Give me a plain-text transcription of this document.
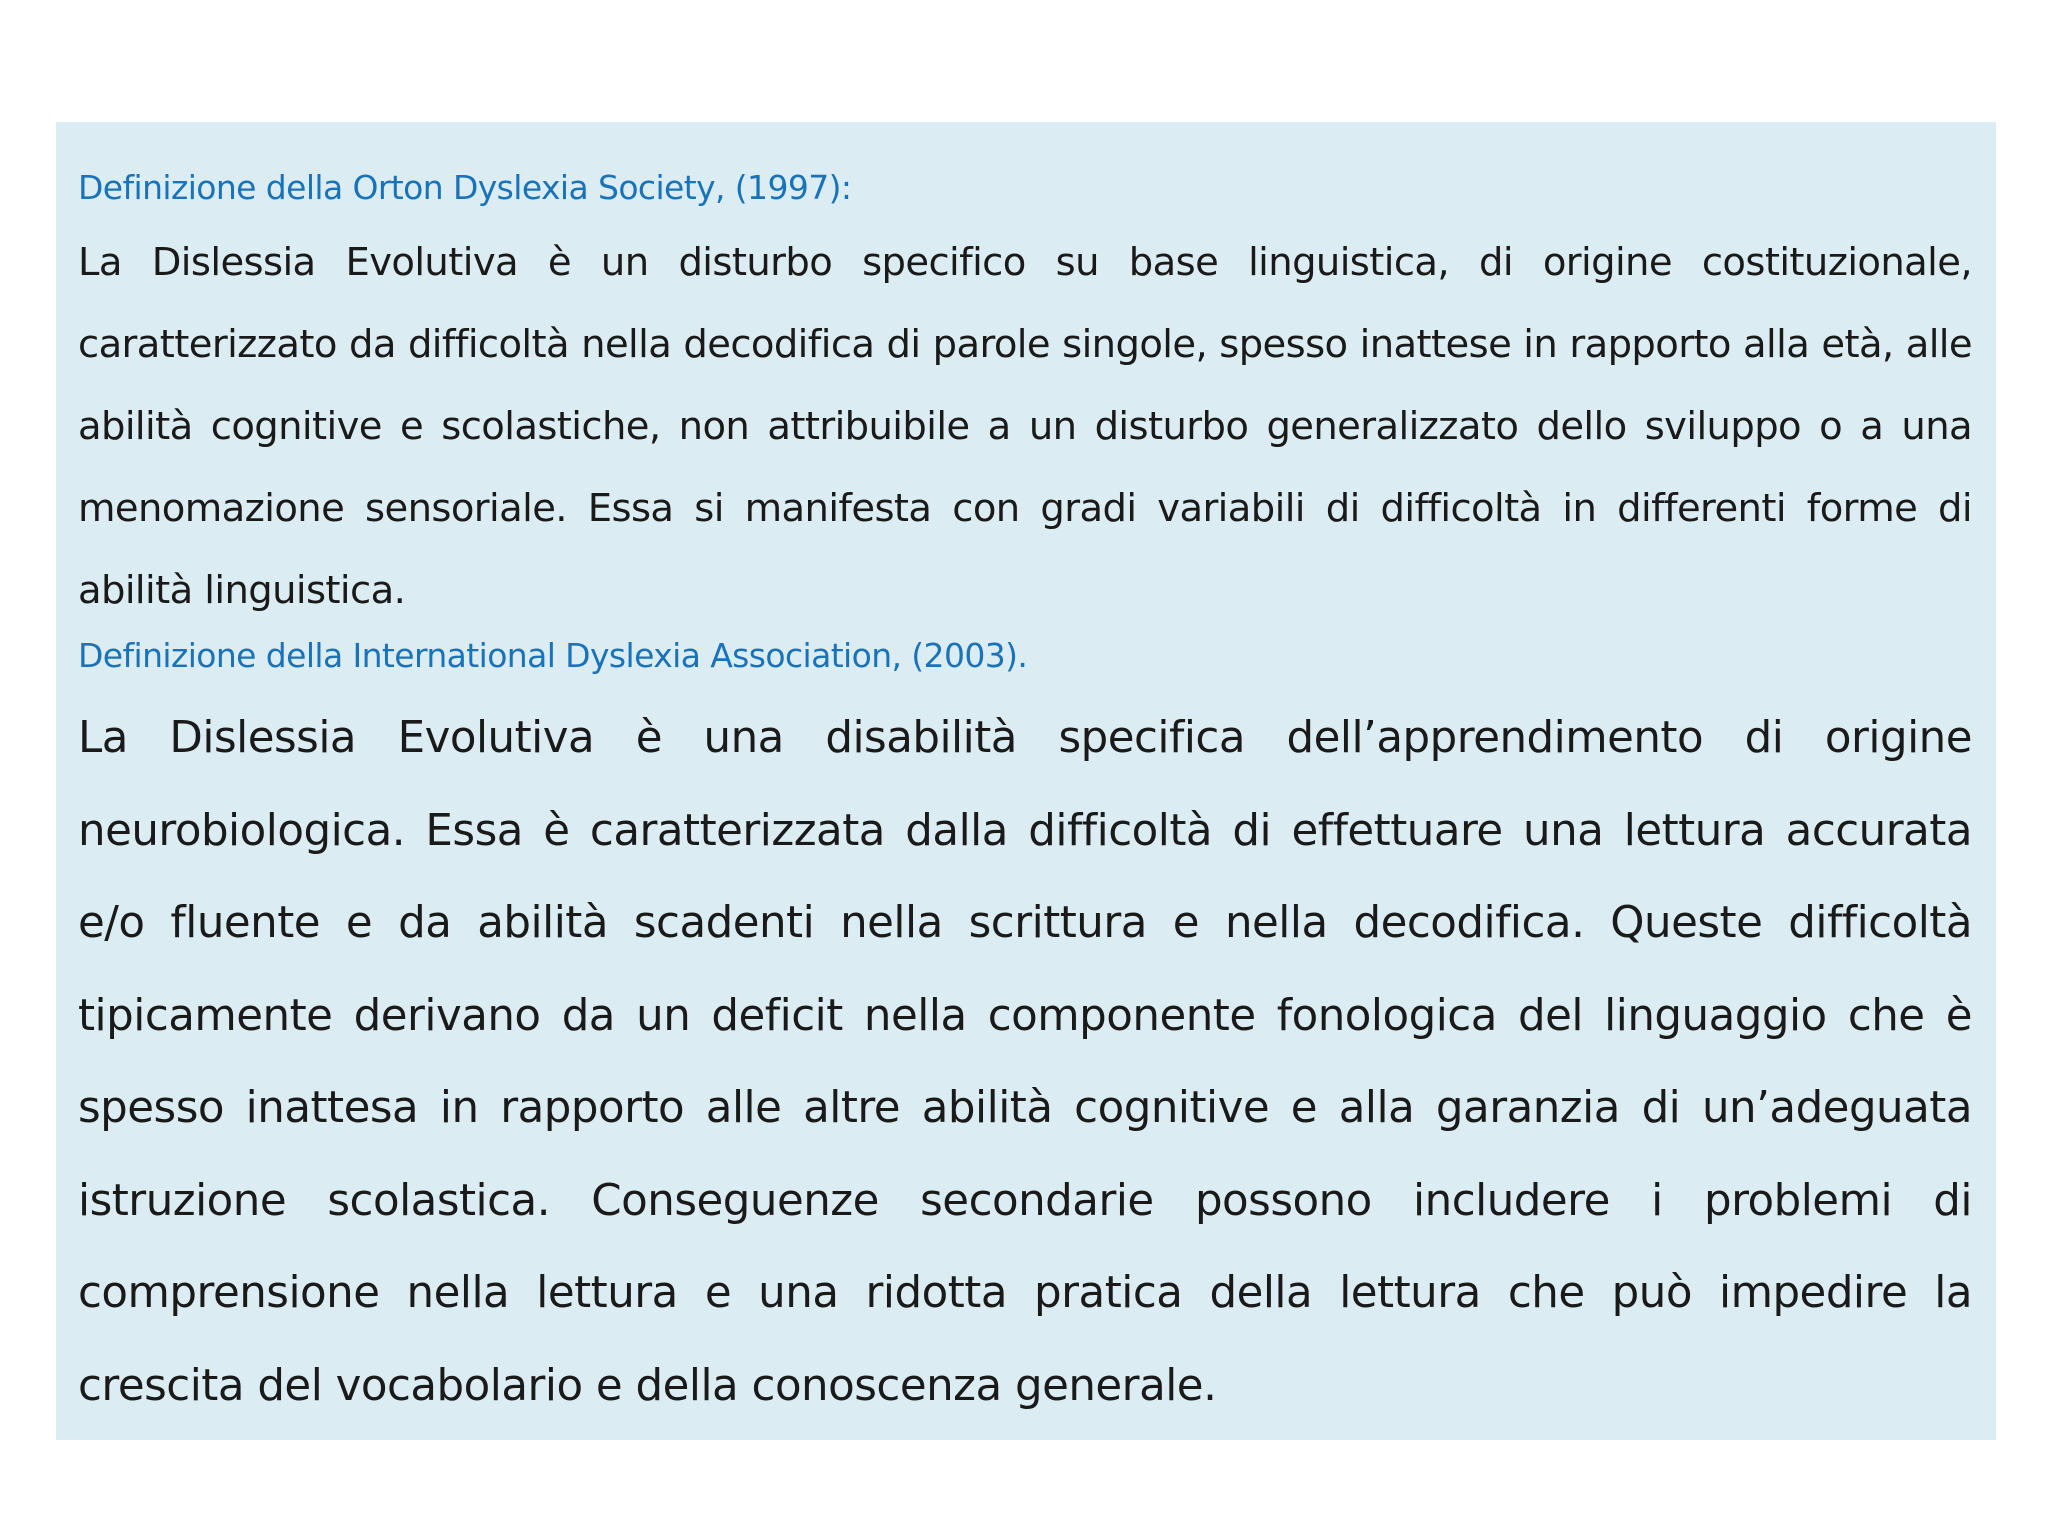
Definizione della Orton Dyslexia Society, (1997):

La Dislessia Evolutiva è un disturbo specifico su base linguistica, di origine costituzionale, caratterizzato da difficoltà nella decodifica di parole singole, spesso inattese in rapporto alla età, alle abilità cognitive e scolastiche, non attribuibile a un disturbo generalizzato dello sviluppo o a una menomazione sensoriale. Essa si manifesta con gradi variabili di difficoltà in differenti forme di abilità linguistica.

Definizione della International Dyslexia Association, (2003).

La Dislessia Evolutiva è una disabilità specifica dell’apprendimento di origine neurobiologica. Essa è caratterizzata dalla difficoltà di effettuare una lettura accurata e/o fluente e da abilità scadenti nella scrittura e nella decodifica. Queste difficoltà tipicamente derivano da un deficit nella componente fonologica del linguaggio che è spesso inattesa in rapporto alle altre abilità cognitive e alla garanzia di un’adeguata istruzione scolastica. Conseguenze secondarie possono includere i problemi di comprensione nella lettura e una ridotta pratica della lettura che può impedire la crescita del vocabolario e della conoscenza generale.
